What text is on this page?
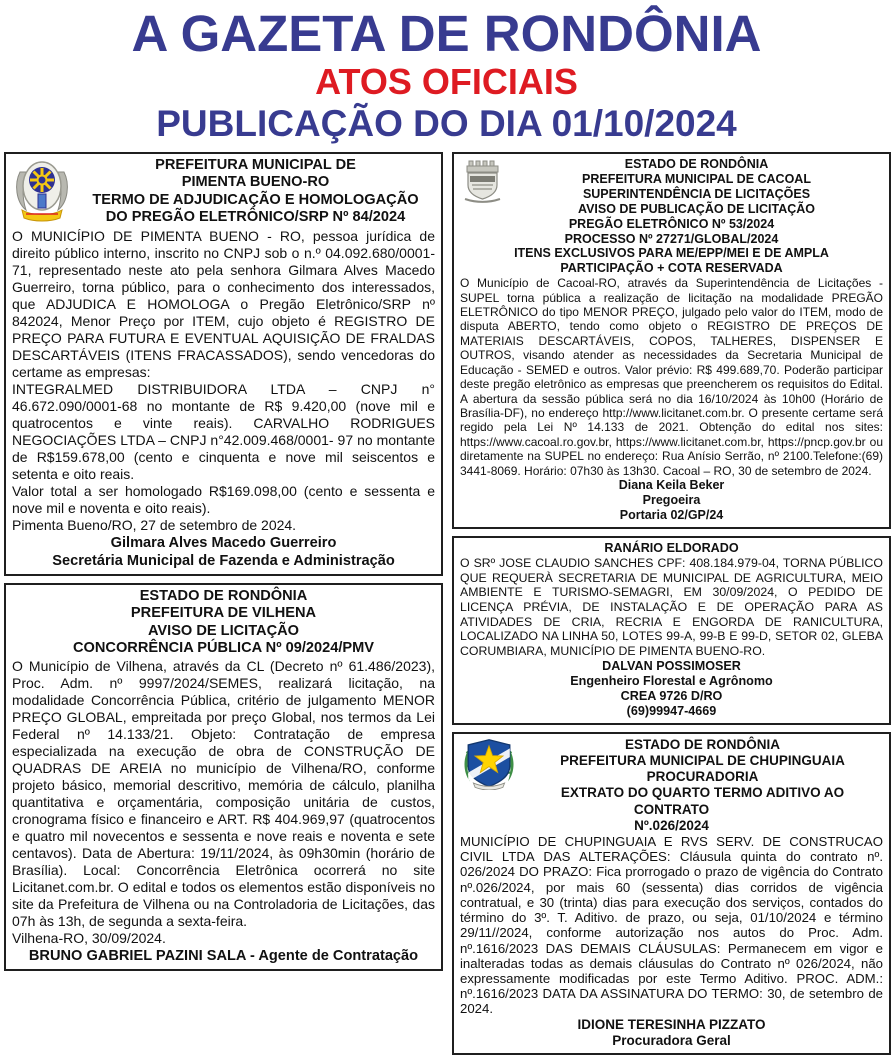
A GAZETA DE RONDÔNIA
ATOS OFICIAIS
PUBLICAÇÃO DO DIA 01/10/2024
PREFEITURA MUNICIPAL DE
PIMENTA BUENO-RO
TERMO DE ADJUDICAÇÃO E HOMOLOGAÇÃO
DO PREGÃO ELETRÔNICO/SRP Nº 84/2024

O MUNICÍPIO DE PIMENTA BUENO - RO, pessoa jurídica de direito público interno, inscrito no CNPJ sob o n.º 04.092.680/0001-71, representado neste ato pela senhora Gilmara Alves Macedo Guerreiro, torna público, para o conhecimento dos interessados, que ADJUDICA E HOMOLOGA o Pregão Eletrônico/SRP nº 842024, Menor Preço por ITEM, cujo objeto é REGISTRO DE PREÇO PARA FUTURA E EVENTUAL AQUISIÇÃO DE FRALDAS DESCARTÁVEIS (ITENS FRACASSADOS), sendo vencedoras do certame as empresas:

INTEGRALMED DISTRIBUIDORA LTDA – CNPJ n° 46.672.090/0001-68 no montante de R$ 9.420,00 (nove mil e quatrocentos e vinte reais). CARVALHO RODRIGUES NEGOCIAÇÕES LTDA – CNPJ n°42.009.468/0001- 97 no montante de R$159.678,00 (cento e cinquenta e nove mil seiscentos e setenta e oito reais.

Valor total a ser homologado R$169.098,00 (cento e sessenta e nove mil e noventa e oito reais).

Pimenta Bueno/RO, 27 de setembro de 2024.

Gilmara Alves Macedo Guerreiro
Secretária Municipal de Fazenda e Administração
ESTADO DE RONDÔNIA
PREFEITURA DE VILHENA
AVISO DE LICITAÇÃO
CONCORRÊNCIA PÚBLICA Nº 09/2024/PMV

O Município de Vilhena, através da CL (Decreto nº 61.486/2023), Proc. Adm. nº 9997/2024/SEMES, realizará licitação, na modalidade Concorrência Pública, critério de julgamento MENOR PREÇO GLOBAL, empreitada por preço Global, nos termos da Lei Federal nº 14.133/21. Objeto: Contratação de empresa especializada na execução de obra de CONSTRUÇÃO DE QUADRAS DE AREIA no município de Vilhena/RO, conforme projeto básico, memorial descritivo, memória de cálculo, planilha quantitativa e orçamentária, composição unitária de custos, cronograma físico e financeiro e ART. R$ 404.969,97 (quatrocentos e quatro mil novecentos e sessenta e nove reais e noventa e sete centavos). Data de Abertura: 19/11/2024, às 09h30min (horário de Brasília). Local: Concorrência Eletrônica ocorrerá no site Licitanet.com.br. O edital e todos os elementos estão disponíveis no site da Prefeitura de Vilhena ou na Controladoria de Licitações, das 07h às 13h, de segunda a sexta-feira.

Vilhena-RO, 30/09/2024.

BRUNO GABRIEL PAZINI SALA - Agente de Contratação
ESTADO DE RONDÔNIA
PREFEITURA MUNICIPAL DE CACOAL
SUPERINTENDÊNCIA DE LICITAÇÕES
AVISO DE PUBLICAÇÃO DE LICITAÇÃO
PREGÃO ELETRÔNICO Nº 53/2024
PROCESSO Nº 27271/GLOBAL/2024
ITENS EXCLUSIVOS PARA ME/EPP/MEI E DE AMPLA
PARTICIPAÇÃO + COTA RESERVADA

O Município de Cacoal-RO, através da Superintendência de Licitações - SUPEL torna pública a realização de licitação na modalidade PREGÃO ELETRÔNICO do tipo MENOR PREÇO, julgado pelo valor do ITEM, modo de disputa ABERTO, tendo como objeto o REGISTRO DE PREÇOS DE MATERIAIS DESCARTÁVEIS, COPOS, TALHERES, DISPENSER E OUTROS, visando atender as necessidades da Secretaria Municipal de Educação - SEMED e outros. Valor prévio: R$ 499.689,70. Poderão participar deste pregão eletrônico as empresas que preencherem os requisitos do Edital. A abertura da sessão pública será no dia 16/10/2024 às 10h00 (Horário de Brasília-DF), no endereço http://www.licitanet.com.br. O presente certame será regido pela Lei Nº 14.133 de 2021. Obtenção do edital nos sites: https://www.cacoal.ro.gov.br, https://www.licitanet.com.br, https://pncp.gov.br ou diretamente na SUPEL no endereço: Rua Anísio Serrão, nº 2100.Telefone:(69) 3441-8069. Horário: 07h30 às 13h30. Cacoal – RO, 30 de setembro de 2024.

Diana Keila Beker
Pregoeira
Portaria 02/GP/24
RANÁRIO ELDORADO

O SRº JOSE CLAUDIO SANCHES CPF: 408.184.979-04, TORNA PÚBLICO QUE REQUERÀ SECRETARIA DE MUNICIPAL DE AGRICULTURA, MEIO AMBIENTE E TURISMO-SEMAGRI, EM 30/09/2024, O PEDIDO DE LICENÇA PRÉVIA, DE INSTALAÇÃO E DE OPERAÇÃO PARA AS ATIVIDADES DE CRIA, RECRIA E ENGORDA DE RANICULTURA, LOCALIZADO NA LINHA 50, LOTES 99-A, 99-B E 99-D, SETOR 02, GLEBA CORUMBIARA, MUNICÍPIO DE PIMENTA BUENO-RO.

DALVAN POSSIMOSER
Engenheiro Florestal e Agrônomo
CREA 9726 D/RO
(69)99947-4669
ESTADO DE RONDÔNIA
PREFEITURA MUNICIPAL DE CHUPINGUAIA
PROCURADORIA
EXTRATO DO QUARTO TERMO ADITIVO AO CONTRATO
Nº.026/2024

MUNICÍPIO DE CHUPINGUAIA E RVS SERV. DE CONSTRUCAO CIVIL LTDA DAS ALTERAÇÕES: Cláusula quinta do contrato nº. 026/2024 DO PRAZO: Fica prorrogado o prazo de vigência do Contrato nº.026/2024, por mais 60 (sessenta) dias corridos de vigência contratual, e 30 (trinta) dias para execução dos serviços, contados do término do 3º. T. Aditivo. de prazo, ou seja, 01/10/2024 e término 29/11//2024, conforme autorização nos autos do Proc. Adm. nº.1616/2023 DAS DEMAIS CLÁUSULAS: Permanecem em vigor e inalteradas todas as demais cláusulas do Contrato nº 026/2024, não expressamente modificadas por este Termo Aditivo. PROC. ADM.: nº.1616/2023 DATA DA ASSINATURA DO TERMO: 30, de setembro de 2024.

IDIONE TERESINHA PIZZATO
Procuradora Geral
